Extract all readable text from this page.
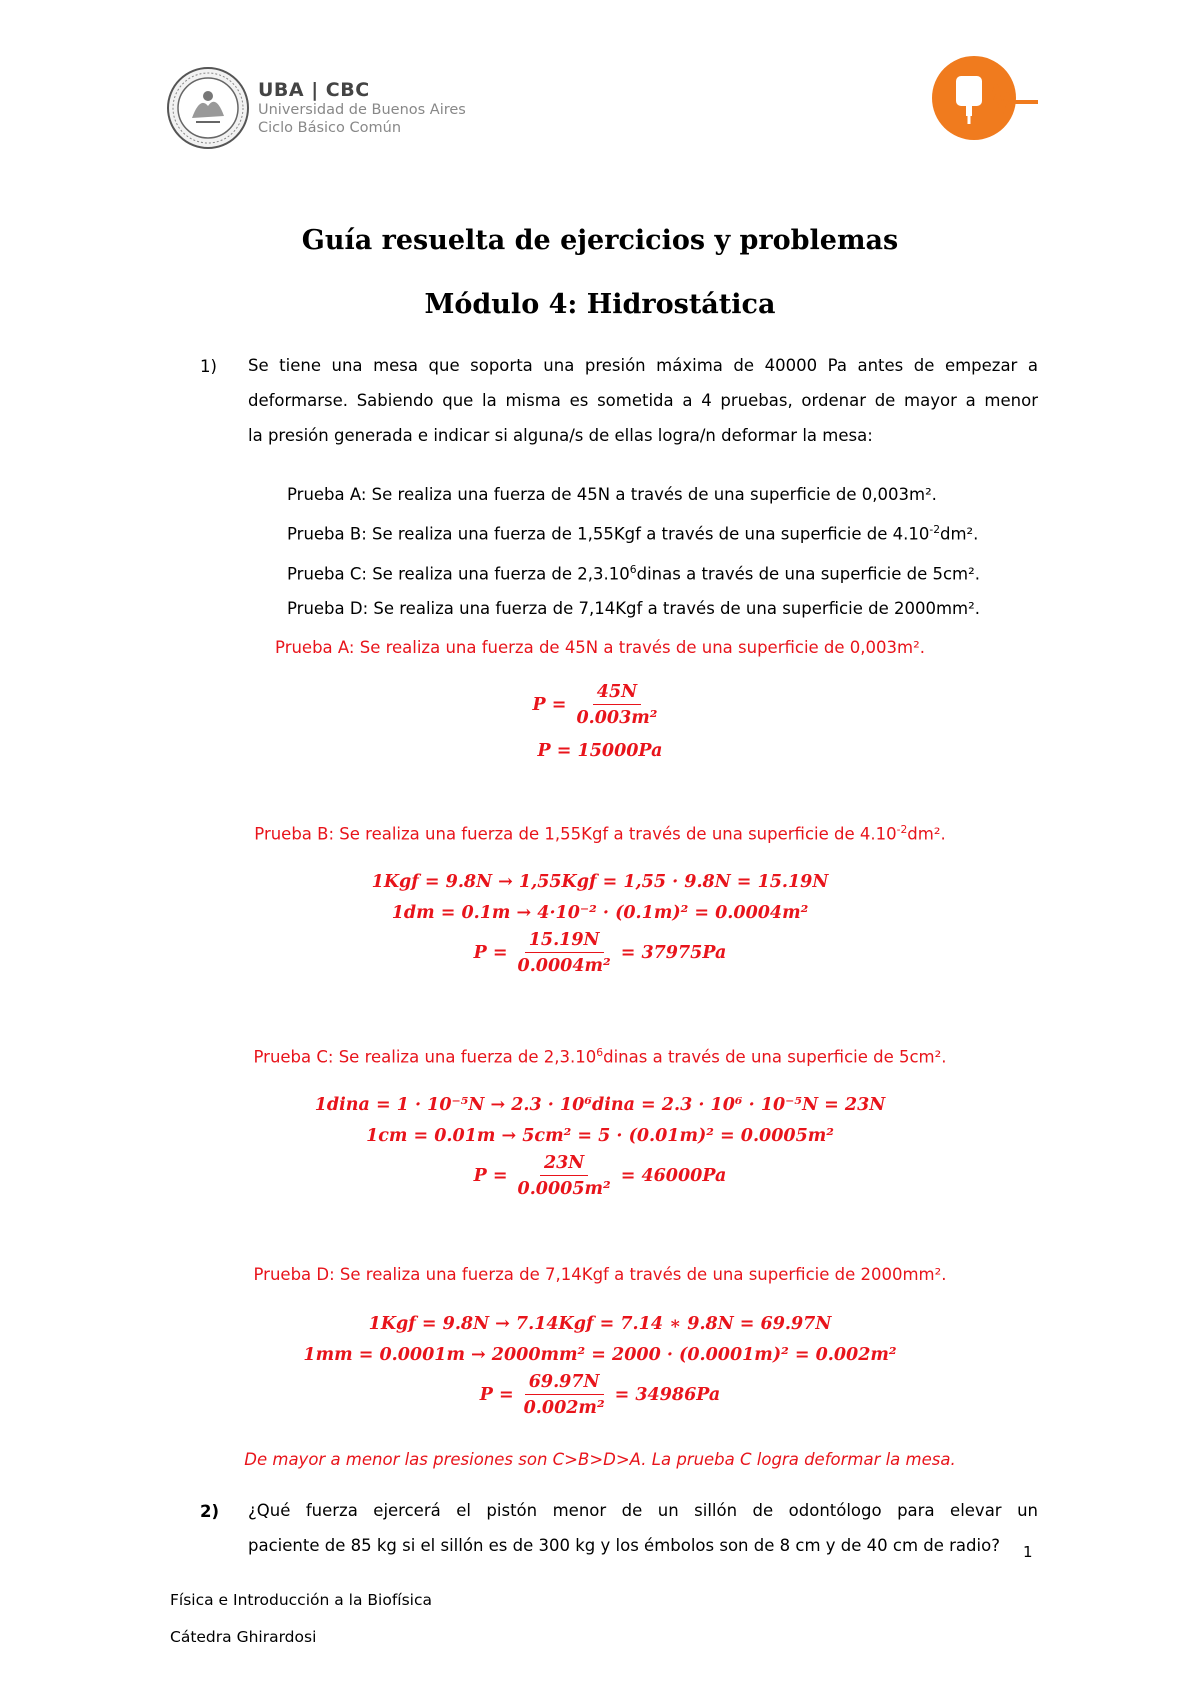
UBA | CBC
Universidad de Buenos Aires
Ciclo Básico Común
Guía resuelta de ejercicios y problemas
Módulo 4: Hidrostática
1) Se tiene una mesa que soporta una presión máxima de 40000 Pa antes de empezar a
deformarse. Sabiendo que la misma es sometida a 4 pruebas, ordenar de mayor a menor
la presión generada e indicar si alguna/s de ellas logra/n deformar la mesa:
Prueba A: Se realiza una fuerza de 45N a través de una superficie de 0,003m².
Prueba B: Se realiza una fuerza de 1,55Kgf a través de una superficie de $4.10^{-2}dm^2$.
Prueba C: Se realiza una fuerza de 2,3.10$^6$dinas a través de una superficie de 5cm².
Prueba D: Se realiza una fuerza de 7,14Kgf a través de una superficie de 2000mm².
Prueba A: Se realiza una fuerza de 45N a través de una superficie de 0,003m².
$P = \frac{45N}{\text{0.003m²}}$
P = 15000Pa
Prueba B: Se realiza una fuerza de 1,55Kgf a través de una superficie de $4.10^{-2}dm^2$.
1Kgf = 9.8N → 1,55Kgf = 1,55 · 9.8N = 15.19N
1dm = 0.1m → 4·10⁻² · (0.1m)² = 0.0004m²
$P = \frac{15.19N}{\text{0.0004m²}} = 37975Pa$
Prueba C: Se realiza una fuerza de 2,3.10$^6$dinas a través de una superficie de 5cm².
1dina = 1 · 10⁻⁵N → 2.3 · 10⁶dina = 2.3 · 10⁶ · 10⁻⁵N = 23N
1cm = 0.01m → 5cm² = 5 · (0.01m)² = 0.0005m²
$P = \frac{23N}{\text{0.0005m²}} = 46000Pa$
Prueba D: Se realiza una fuerza de 7,14Kgf a través de una superficie de 2000mm².
1Kgf = 9.8N → 7.14Kgf = 7.14 ∗ 9.8N = 69.97N
1mm = 0.0001m → 2000mm² = 2000 · (0.0001m)² = 0.002m²
$P = \frac{69.97N}{\text{0.002m²}} = 34986Pa$
De mayor a menor las presiones son C>B>D>A. La prueba C logra deformar la mesa.
2) ¿Qué fuerza ejercerá el pistón menor de un sillón de odontólogo para elevar un
paciente de 85 kg si el sillón es de 300 kg y los émbolos son de 8 cm y de 40 cm de radio?	1
Física e Introducción a la Biofísica
Cátedra Ghirardosi
